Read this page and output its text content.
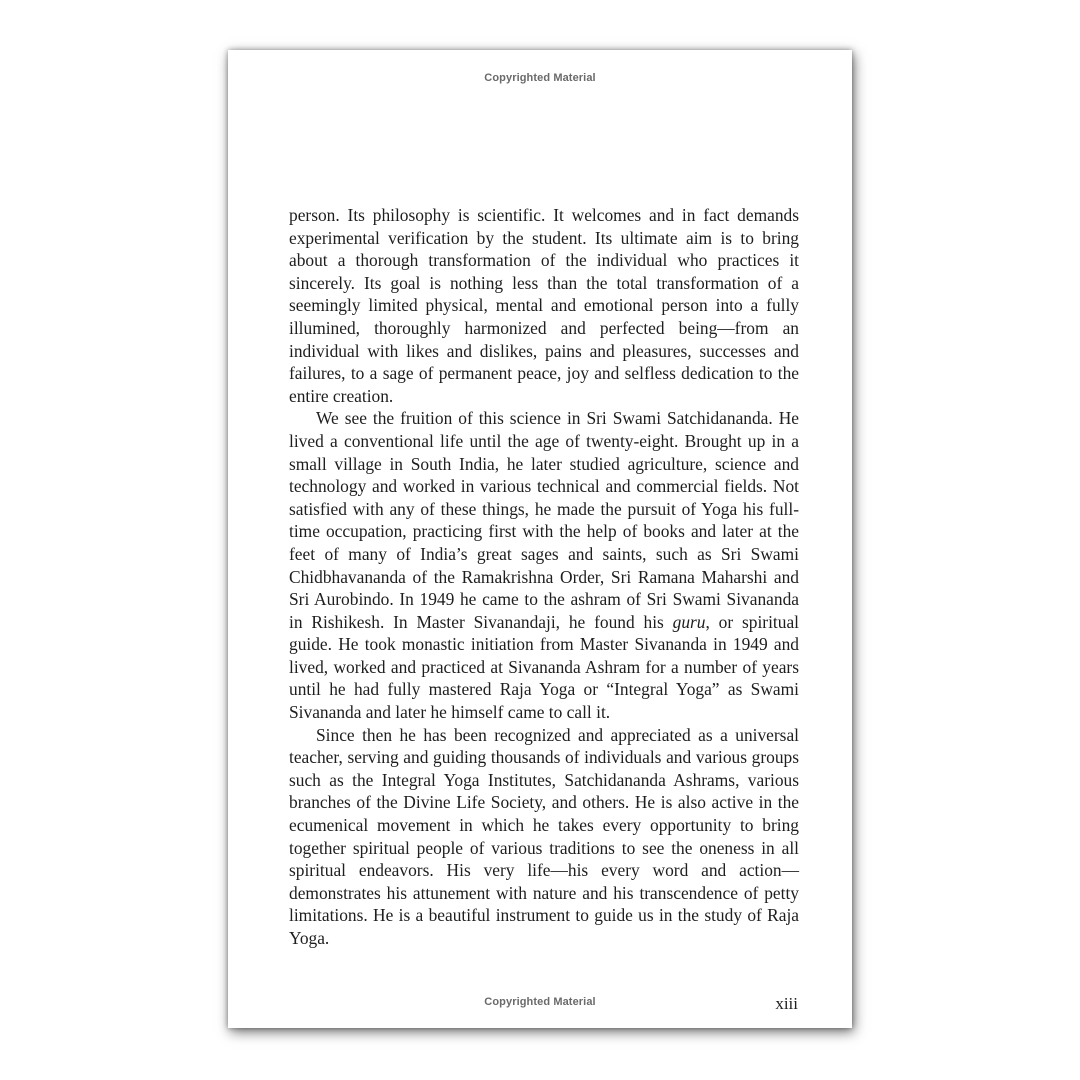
Copyrighted Material

person. Its philosophy is scientific. It welcomes and in fact demands experimental verification by the student. Its ultimate aim is to bring about a thorough transformation of the individual who practices it sincerely. Its goal is nothing less than the total transformation of a seemingly limited physical, mental and emotional person into a fully illumined, thoroughly harmonized and perfected being—from an individual with likes and dislikes, pains and pleasures, successes and failures, to a sage of permanent peace, joy and selfless dedication to the entire creation.

We see the fruition of this science in Sri Swami Satchidananda. He lived a conventional life until the age of twenty-eight. Brought up in a small village in South India, he later studied agriculture, science and technology and worked in various technical and commercial fields. Not satisfied with any of these things, he made the pursuit of Yoga his full-time occupation, practicing first with the help of books and later at the feet of many of India’s great sages and saints, such as Sri Swami Chidbhavananda of the Ramakrishna Order, Sri Ramana Maharshi and Sri Aurobindo. In 1949 he came to the ashram of Sri Swami Sivananda in Rishikesh. In Master Sivanandaji, he found his guru, or spiritual guide. He took monastic initiation from Master Sivananda in 1949 and lived, worked and practiced at Sivananda Ashram for a number of years until he had fully mastered Raja Yoga or “Integral Yoga” as Swami Sivananda and later he himself came to call it.

Since then he has been recognized and appreciated as a universal teacher, serving and guiding thousands of individuals and various groups such as the Integral Yoga Institutes, Satchidananda Ashrams, various branches of the Divine Life Society, and others. He is also active in the ecumenical movement in which he takes every opportunity to bring together spiritual people of various traditions to see the oneness in all spiritual endeavors. His very life—his every word and action—demonstrates his attunement with nature and his transcendence of petty limitations. He is a beautiful instrument to guide us in the study of Raja Yoga.

Copyrighted Material	xiii
